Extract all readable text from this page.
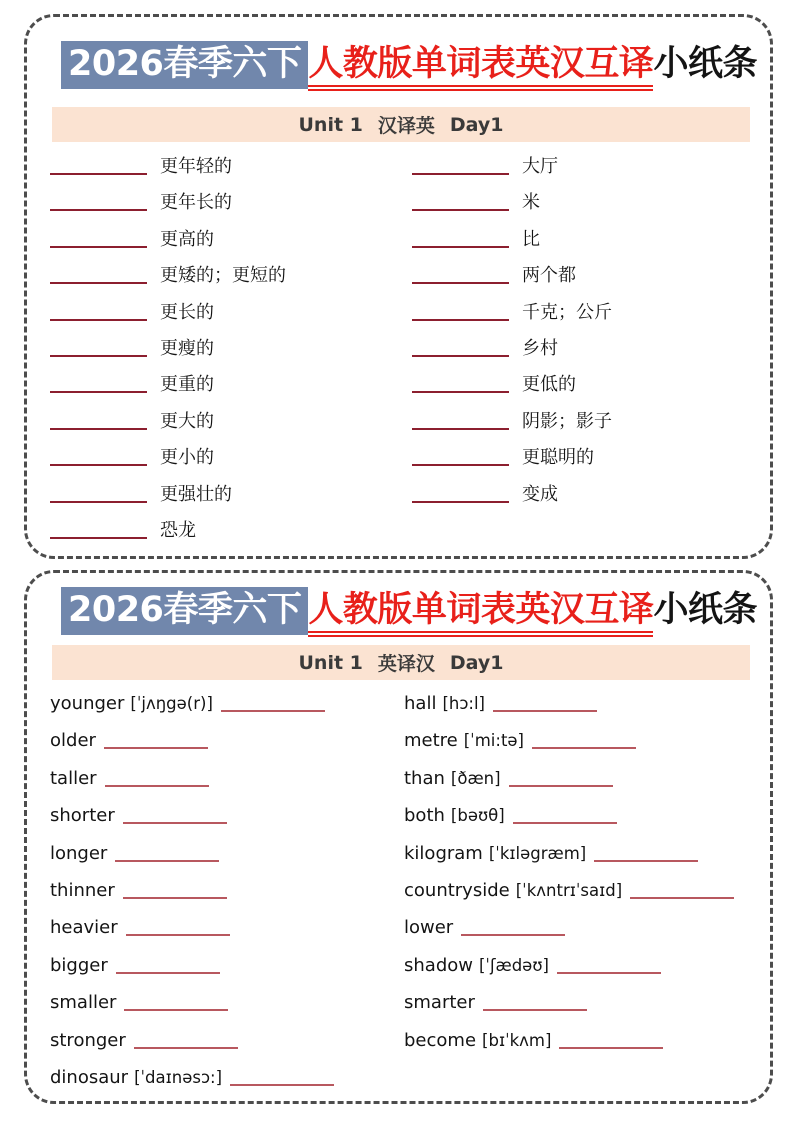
2026春季六下 人教版单词表英汉互译小纸条
Unit 1 汉译英 Day1
更年轻的
更年长的
更高的
更矮的；更短的
更长的
更瘦的
更重的
更大的
更小的
更强壮的
恐龙
大厅
米
比
两个都
千克；公斤
乡村
更低的
阴影；影子
更聪明的
变成
2026春季六下 人教版单词表英汉互译小纸条
Unit 1 英译汉 Day1
younger [ˈjʌŋgə(r)]
older
taller
shorter
longer
thinner
heavier
bigger
smaller
stronger
dinosaur [ˈdaɪnəsɔ:]
hall [hɔ:l]
metre [ˈmi:tə]
than [ðæn]
both [bəʊθ]
kilogram [ˈkɪləgræm]
countryside [ˈkʌntrɪˈsaɪd]
lower
shadow [ˈʃædəʊ]
smarter
become [bɪˈkʌm]
